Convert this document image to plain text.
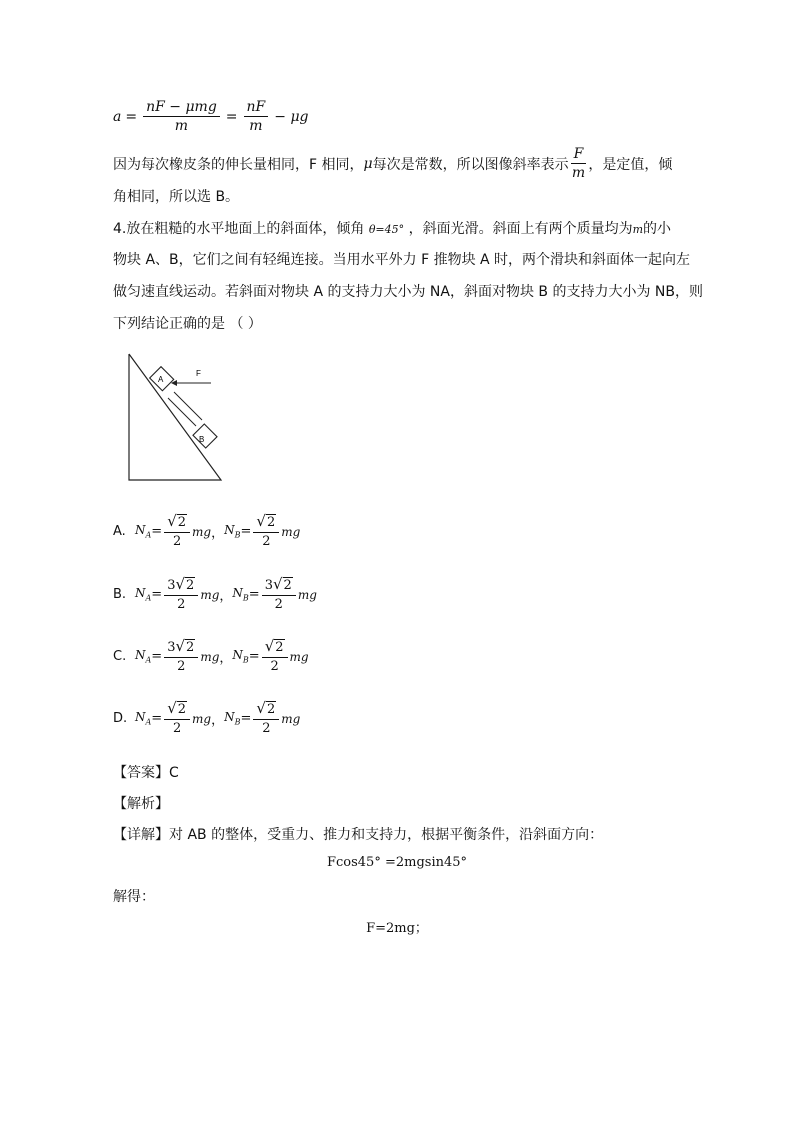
$a = \frac{\text{nF − μmg}}{m} = \frac{nF}{m} - \mu g$
因为每次橡皮条的伸长量相同，F 相同， μ 每次是常数，所以图像斜率表示 $\frac{F}{m}$ ，是定值，倾
角相同，所以选 B。
4.放在粗糙的水平地面上的斜面体，倾角 θ=45° ，斜面光滑。斜面上有两个质量均为m的小
物块 A、B，它们之间有轻绳连接。当用水平外力 F 推物块 A 时，两个滑块和斜面体一起向左
做匀速直线运动。若斜面对物块 A 的支持力大小为 NA，斜面对物块 B 的支持力大小为 NB，则
下列结论正确的是 （ ）
A
B
F
A. $N_A = \frac{√2}{2}$ mg ， $N_B = \frac{√2}{2}$ mg
B. $N_A = \frac{3√2}{2}$ mg ， $N_B = \frac{3√2}{2}$ mg
C. $N_A = \frac{3√2}{2}$ mg ， $N_B = \frac{√2}{2}$ mg
D. $N_A = \frac{√2}{2}$ mg ， $N_B = \frac{√2}{2}$ mg
【答案】C
【解析】
【详解】对 AB 的整体，受重力、推力和支持力，根据平衡条件，沿斜面方向：
Fcos45° =2mgsin45°
解得：
F=2mg；
